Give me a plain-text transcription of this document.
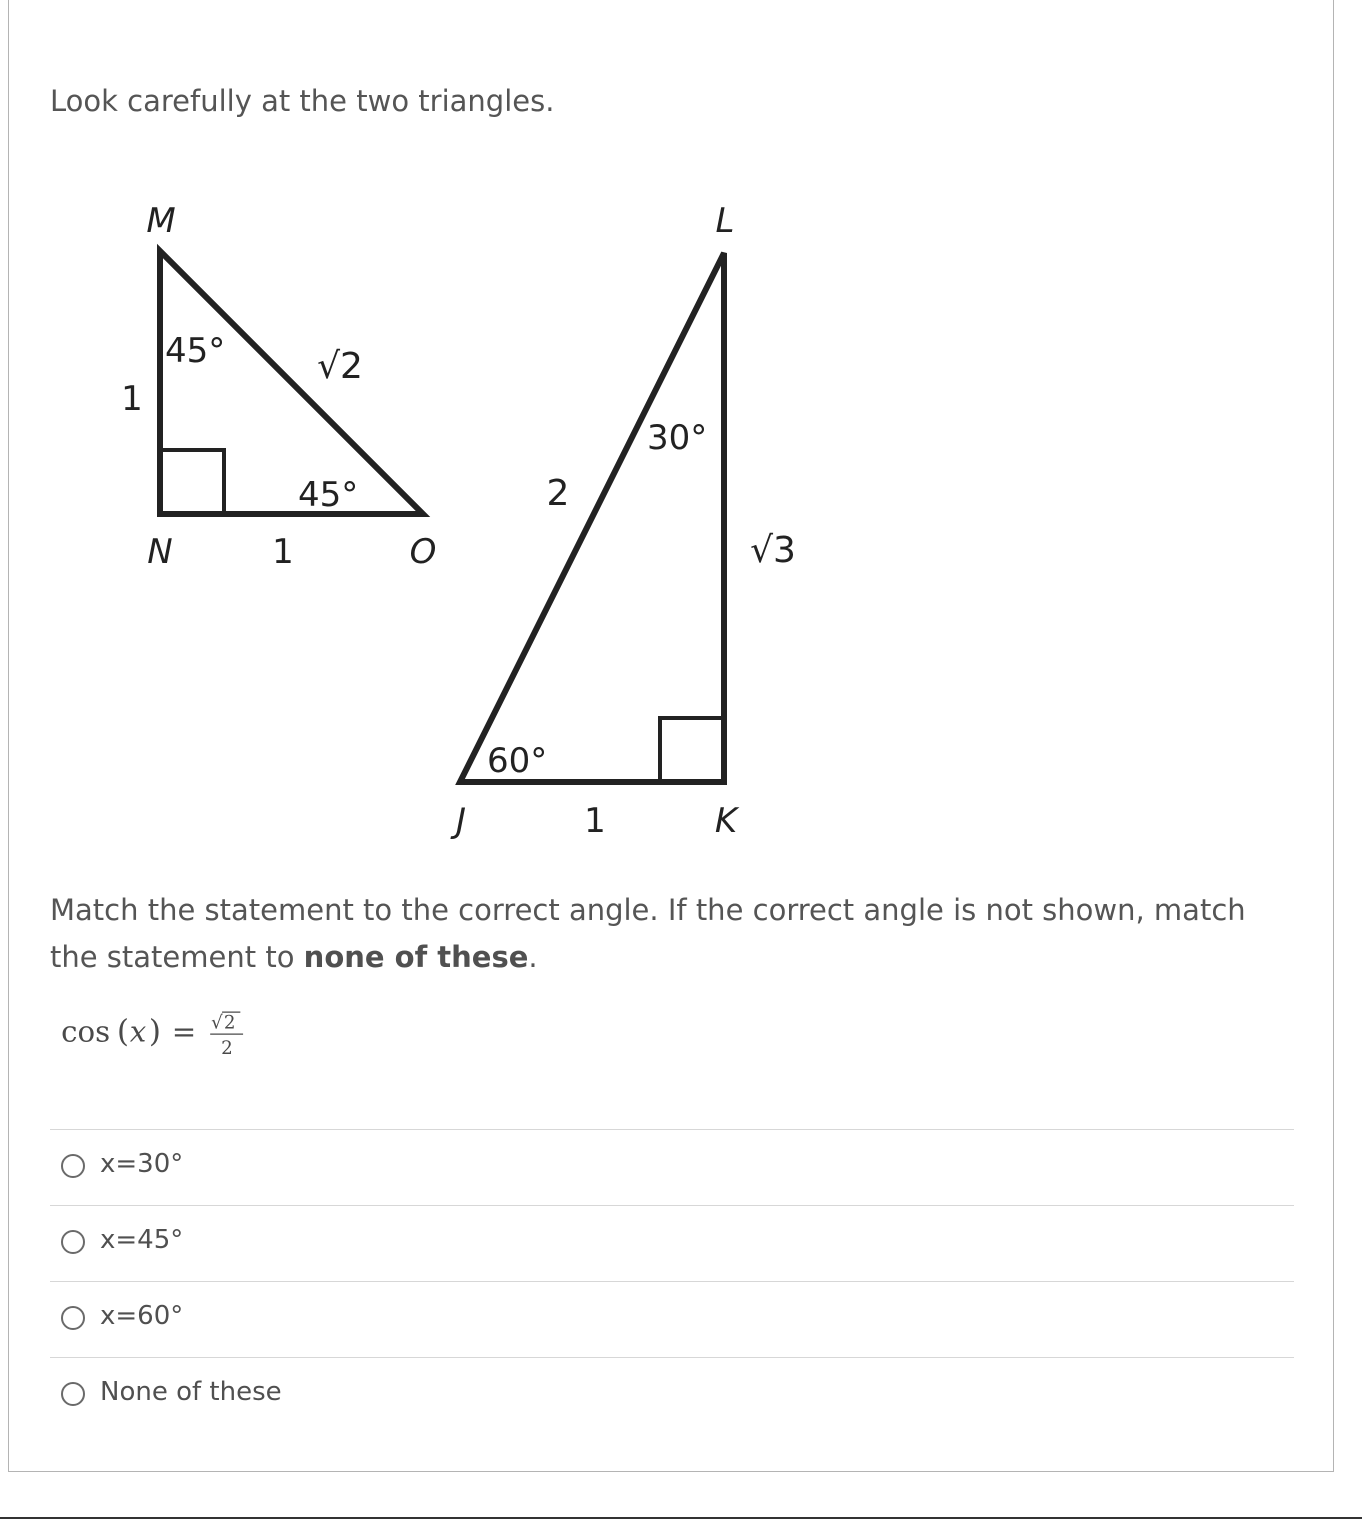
Look carefully at the two triangles.
M
N	O
1
1
√2
45°
45°
L
J	K
2
1
√3
30°
60°
Match the statement to the correct angle. If the correct angle is not shown, match the statement to none of these.
cos ( x ) = √ 2
2
x=30°
x=45°
x=60°
None of these
